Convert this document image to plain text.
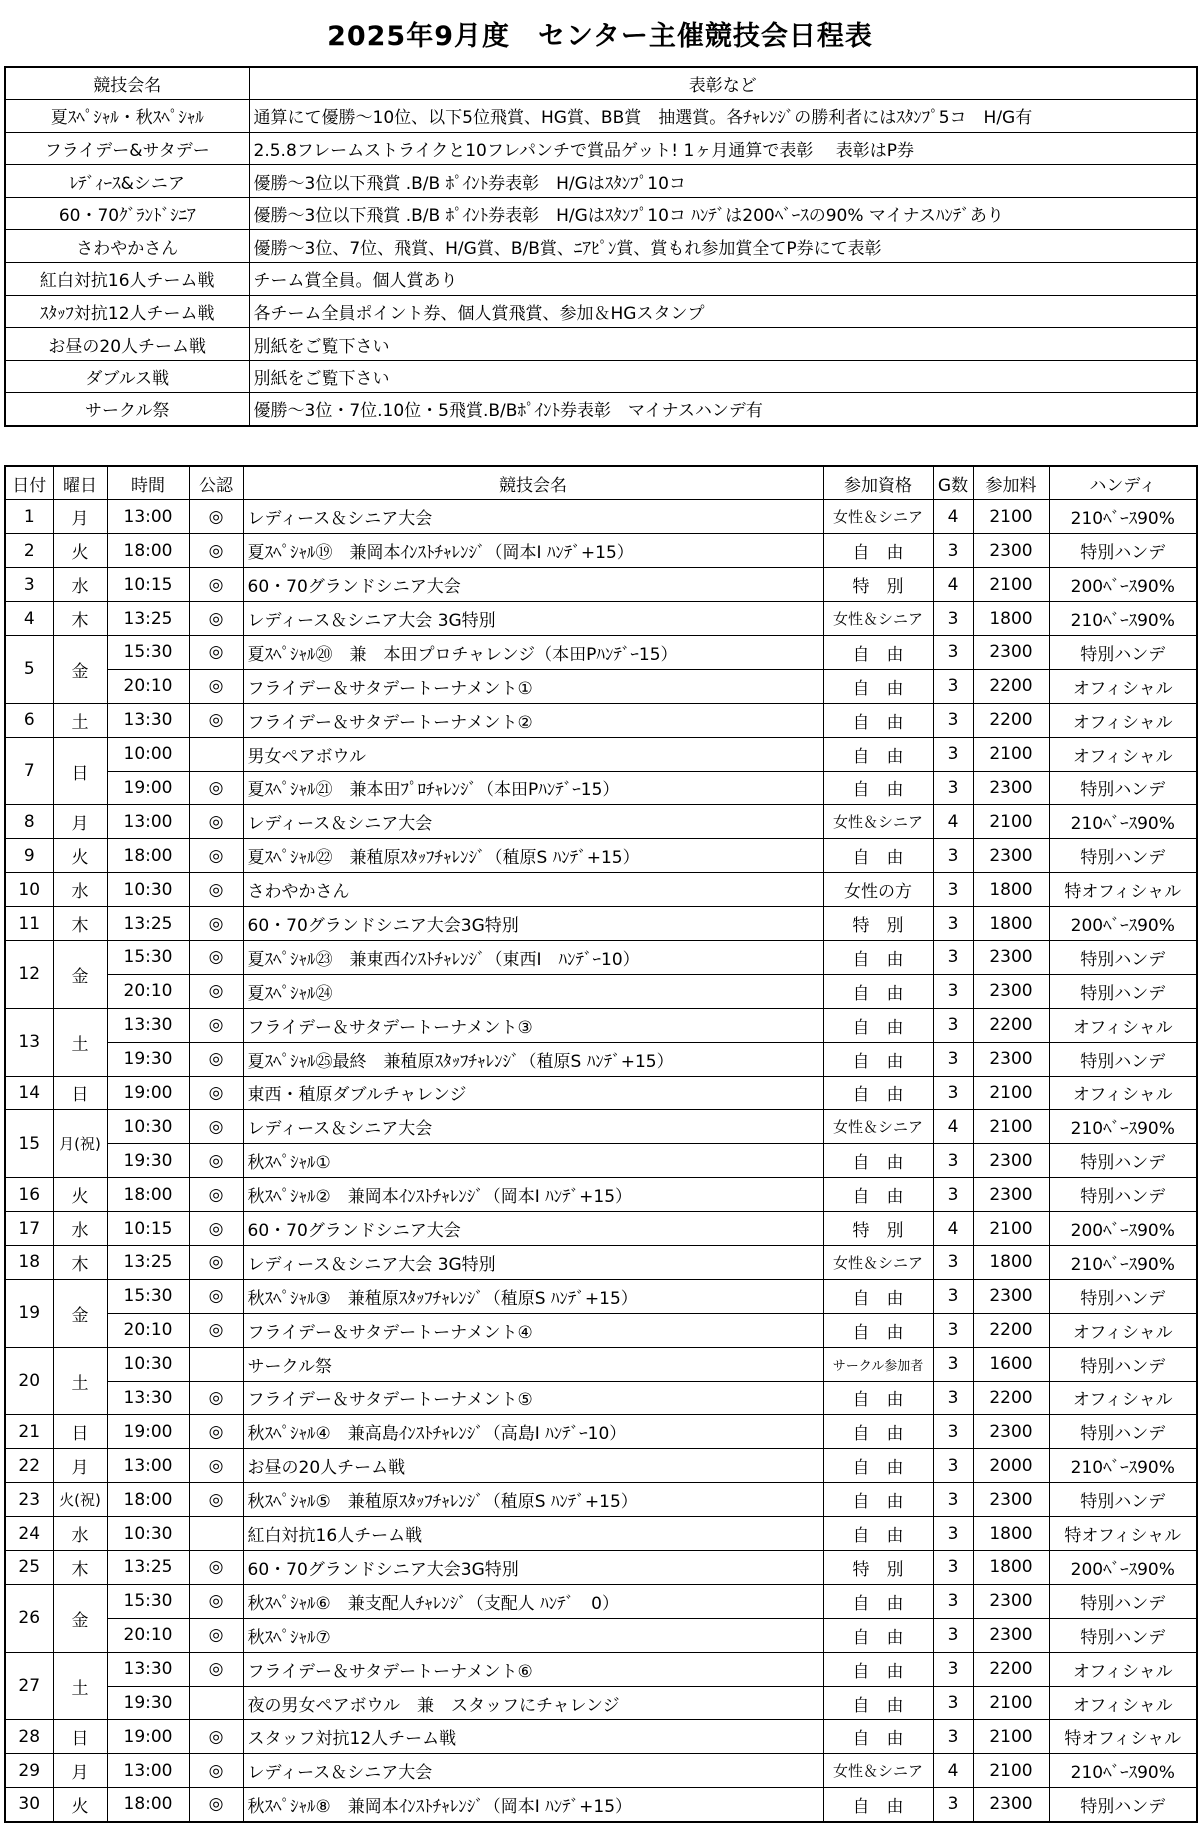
2025年9月度　センター主催競技会日程表
競技会名	表彰など
夏ｽﾍﾟｼｬﾙ・秋ｽﾍﾟｼｬﾙ	通算にて優勝～10位、以下5位飛賞、HG賞、BB賞　抽選賞。各ﾁｬﾚﾝｼﾞの勝利者にはｽﾀﾝﾌﾟ5コ　H/G有
フライデー&サタデー	2.5.8フレームストライクと10フレパンチで賞品ゲット! 1ヶ月通算で表彰　 表彰はP券
ﾚﾃﾞｨｰｽ&シニア	優勝～3位以下飛賞 .B/B ﾎﾟｲﾝﾄ券表彰　H/Gはｽﾀﾝﾌﾟ10コ
60・70ｸﾞﾗﾝﾄﾞｼﾆｱ	優勝～3位以下飛賞 .B/B ﾎﾟｲﾝﾄ券表彰　H/Gはｽﾀﾝﾌﾟ10コ ﾊﾝﾃﾞは200ﾍﾞｰｽの90% マイナスﾊﾝﾃﾞあり
さわやかさん	優勝～3位、7位、飛賞、H/G賞、B/B賞、ﾆｱﾋﾟﾝ賞、賞もれ参加賞全てP券にて表彰
紅白対抗16人チーム戦	チーム賞全員。個人賞あり
ｽﾀｯﾌ対抗12人チーム戦	各チーム全員ポイント券、個人賞飛賞、参加＆HGスタンプ
お昼の20人チーム戦	別紙をご覧下さい
ダブルス戦	別紙をご覧下さい
サークル祭	優勝～3位・7位.10位・5飛賞.B/Bﾎﾟｲﾝﾄ券表彰　マイナスハンデ有
日付	曜日	時間	公認	競技会名	参加資格	G数	参加料	ハンディ
1	月	13:00	◎	レディース＆シニア大会	女性＆シニア	4	2100	210ﾍﾞｰｽ90%
2	火	18:00	◎	夏ｽﾍﾟｼｬﾙ⑲　兼岡本ｲﾝｽﾄﾁｬﾚﾝｼﾞ（岡本I ﾊﾝﾃﾞ+15）	自　由	3	2300	特別ハンデ
3	水	10:15	◎	60・70グランドシニア大会	特　別	4	2100	200ﾍﾞｰｽ90%
4	木	13:25	◎	レディース＆シニア大会 3G特別	女性＆シニア	3	1800	210ﾍﾞｰｽ90%
5	金	15:30	◎	夏ｽﾍﾟｼｬﾙ⑳　兼　本田プロチャレンジ（本田Pﾊﾝﾃﾞｰ15）	自　由	3	2300	特別ハンデ
		20:10	◎	フライデー＆サタデートーナメント①	自　由	3	2200	オフィシャル
6	土	13:30	◎	フライデー＆サタデートーナメント②	自　由	3	2200	オフィシャル
7	日	10:00		男女ペアボウル	自　由	3	2100	オフィシャル
		19:00	◎	夏ｽﾍﾟｼｬﾙ㉑　兼本田ﾌﾟﾛﾁｬﾚﾝｼﾞ（本田Pﾊﾝﾃﾞｰ15）	自　由	3	2300	特別ハンデ
8	月	13:00	◎	レディース＆シニア大会	女性＆シニア	4	2100	210ﾍﾞｰｽ90%
9	火	18:00	◎	夏ｽﾍﾟｼｬﾙ㉒　兼稙原ｽﾀｯﾌﾁｬﾚﾝｼﾞ（稙原S ﾊﾝﾃﾞ+15）	自　由	3	2300	特別ハンデ
10	水	10:30	◎	さわやかさん	女性の方	3	1800	特オフィシャル
11	木	13:25	◎	60・70グランドシニア大会3G特別	特　別	3	1800	200ﾍﾞｰｽ90%
12	金	15:30	◎	夏ｽﾍﾟｼｬﾙ㉓　兼東西ｲﾝｽﾄﾁｬﾚﾝｼﾞ（東西I　ﾊﾝﾃﾞｰ10）	自　由	3	2300	特別ハンデ
		20:10	◎	夏ｽﾍﾟｼｬﾙ㉔	自　由	3	2300	特別ハンデ
13	土	13:30	◎	フライデー＆サタデートーナメント③	自　由	3	2200	オフィシャル
		19:30	◎	夏ｽﾍﾟｼｬﾙ㉕最終　兼稙原ｽﾀｯﾌﾁｬﾚﾝｼﾞ（稙原S ﾊﾝﾃﾞ+15）	自　由	3	2300	特別ハンデ
14	日	19:00	◎	東西・稙原ダブルチャレンジ	自　由	3	2100	オフィシャル
15	月(祝)	10:30	◎	レディース＆シニア大会	女性＆シニア	4	2100	210ﾍﾞｰｽ90%
		19:30	◎	秋ｽﾍﾟｼｬﾙ①	自　由	3	2300	特別ハンデ
16	火	18:00	◎	秋ｽﾍﾟｼｬﾙ②　兼岡本ｲﾝｽﾄﾁｬﾚﾝｼﾞ（岡本I ﾊﾝﾃﾞ+15）	自　由	3	2300	特別ハンデ
17	水	10:15	◎	60・70グランドシニア大会	特　別	4	2100	200ﾍﾞｰｽ90%
18	木	13:25	◎	レディース＆シニア大会 3G特別	女性＆シニア	3	1800	210ﾍﾞｰｽ90%
19	金	15:30	◎	秋ｽﾍﾟｼｬﾙ③　兼稙原ｽﾀｯﾌﾁｬﾚﾝｼﾞ（稙原S ﾊﾝﾃﾞ+15）	自　由	3	2300	特別ハンデ
		20:10	◎	フライデー＆サタデートーナメント④	自　由	3	2200	オフィシャル
20	土	10:30		サークル祭	サークル参加者	3	1600	特別ハンデ
		13:30	◎	フライデー＆サタデートーナメント⑤	自　由	3	2200	オフィシャル
21	日	19:00	◎	秋ｽﾍﾟｼｬﾙ④　兼高島ｲﾝｽﾄﾁｬﾚﾝｼﾞ（高島I ﾊﾝﾃﾞｰ10）	自　由	3	2300	特別ハンデ
22	月	13:00	◎	お昼の20人チーム戦	自　由	3	2000	210ﾍﾞｰｽ90%
23	火(祝)	18:00	◎	秋ｽﾍﾟｼｬﾙ⑤　兼稙原ｽﾀｯﾌﾁｬﾚﾝｼﾞ（稙原S ﾊﾝﾃﾞ+15）	自　由	3	2300	特別ハンデ
24	水	10:30		紅白対抗16人チーム戦	自　由	3	1800	特オフィシャル
25	木	13:25	◎	60・70グランドシニア大会3G特別	特　別	3	1800	200ﾍﾞｰｽ90%
26	金	15:30	◎	秋ｽﾍﾟｼｬﾙ⑥　兼支配人ﾁｬﾚﾝｼﾞ（支配人 ﾊﾝﾃﾞ　0）	自　由	3	2300	特別ハンデ
		20:10	◎	秋ｽﾍﾟｼｬﾙ⑦	自　由	3	2300	特別ハンデ
27	土	13:30	◎	フライデー＆サタデートーナメント⑥	自　由	3	2200	オフィシャル
		19:30		夜の男女ペアボウル　兼　スタッフにチャレンジ	自　由	3	2100	オフィシャル
28	日	19:00	◎	スタッフ対抗12人チーム戦	自　由	3	2100	特オフィシャル
29	月	13:00	◎	レディース＆シニア大会	女性＆シニア	4	2100	210ﾍﾞｰｽ90%
30	火	18:00	◎	秋ｽﾍﾟｼｬﾙ⑧　兼岡本ｲﾝｽﾄﾁｬﾚﾝｼﾞ（岡本I ﾊﾝﾃﾞ+15）	自　由	3	2300	特別ハンデ
